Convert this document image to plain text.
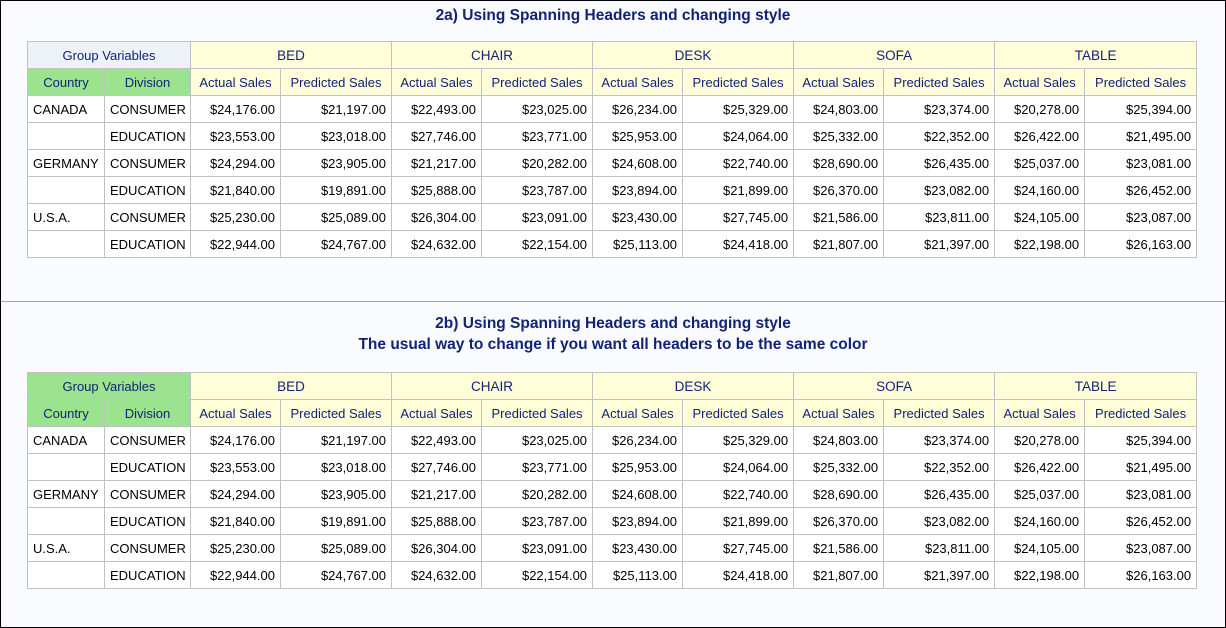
2a) Using Spanning Headers and changing style
Group Variables		BED		CHAIR		DESK		SOFA		TABLE	
Country	Division	Actual Sales	Predicted Sales	Actual Sales	Predicted Sales	Actual Sales	Predicted Sales	Actual Sales	Predicted Sales	Actual Sales	Predicted Sales
CANADA	CONSUMER	$24,176.00	$21,197.00	$22,493.00	$23,025.00	$26,234.00	$25,329.00	$24,803.00	$23,374.00	$20,278.00	$25,394.00
	EDUCATION	$23,553.00	$23,018.00	$27,746.00	$23,771.00	$25,953.00	$24,064.00	$25,332.00	$22,352.00	$26,422.00	$21,495.00
GERMANY	CONSUMER	$24,294.00	$23,905.00	$21,217.00	$20,282.00	$24,608.00	$22,740.00	$28,690.00	$26,435.00	$25,037.00	$23,081.00
	EDUCATION	$21,840.00	$19,891.00	$25,888.00	$23,787.00	$23,894.00	$21,899.00	$26,370.00	$23,082.00	$24,160.00	$26,452.00
U.S.A.	CONSUMER	$25,230.00	$25,089.00	$26,304.00	$23,091.00	$23,430.00	$27,745.00	$21,586.00	$23,811.00	$24,105.00	$23,087.00
	EDUCATION	$22,944.00	$24,767.00	$24,632.00	$22,154.00	$25,113.00	$24,418.00	$21,807.00	$21,397.00	$22,198.00	$26,163.00
2b) Using Spanning Headers and changing style
The usual way to change if you want all headers to be the same color
Group Variables		BED		CHAIR		DESK		SOFA		TABLE	
Country	Division	Actual Sales	Predicted Sales	Actual Sales	Predicted Sales	Actual Sales	Predicted Sales	Actual Sales	Predicted Sales	Actual Sales	Predicted Sales
CANADA	CONSUMER	$24,176.00	$21,197.00	$22,493.00	$23,025.00	$26,234.00	$25,329.00	$24,803.00	$23,374.00	$20,278.00	$25,394.00
	EDUCATION	$23,553.00	$23,018.00	$27,746.00	$23,771.00	$25,953.00	$24,064.00	$25,332.00	$22,352.00	$26,422.00	$21,495.00
GERMANY	CONSUMER	$24,294.00	$23,905.00	$21,217.00	$20,282.00	$24,608.00	$22,740.00	$28,690.00	$26,435.00	$25,037.00	$23,081.00
	EDUCATION	$21,840.00	$19,891.00	$25,888.00	$23,787.00	$23,894.00	$21,899.00	$26,370.00	$23,082.00	$24,160.00	$26,452.00
U.S.A.	CONSUMER	$25,230.00	$25,089.00	$26,304.00	$23,091.00	$23,430.00	$27,745.00	$21,586.00	$23,811.00	$24,105.00	$23,087.00
	EDUCATION	$22,944.00	$24,767.00	$24,632.00	$22,154.00	$25,113.00	$24,418.00	$21,807.00	$21,397.00	$22,198.00	$26,163.00
